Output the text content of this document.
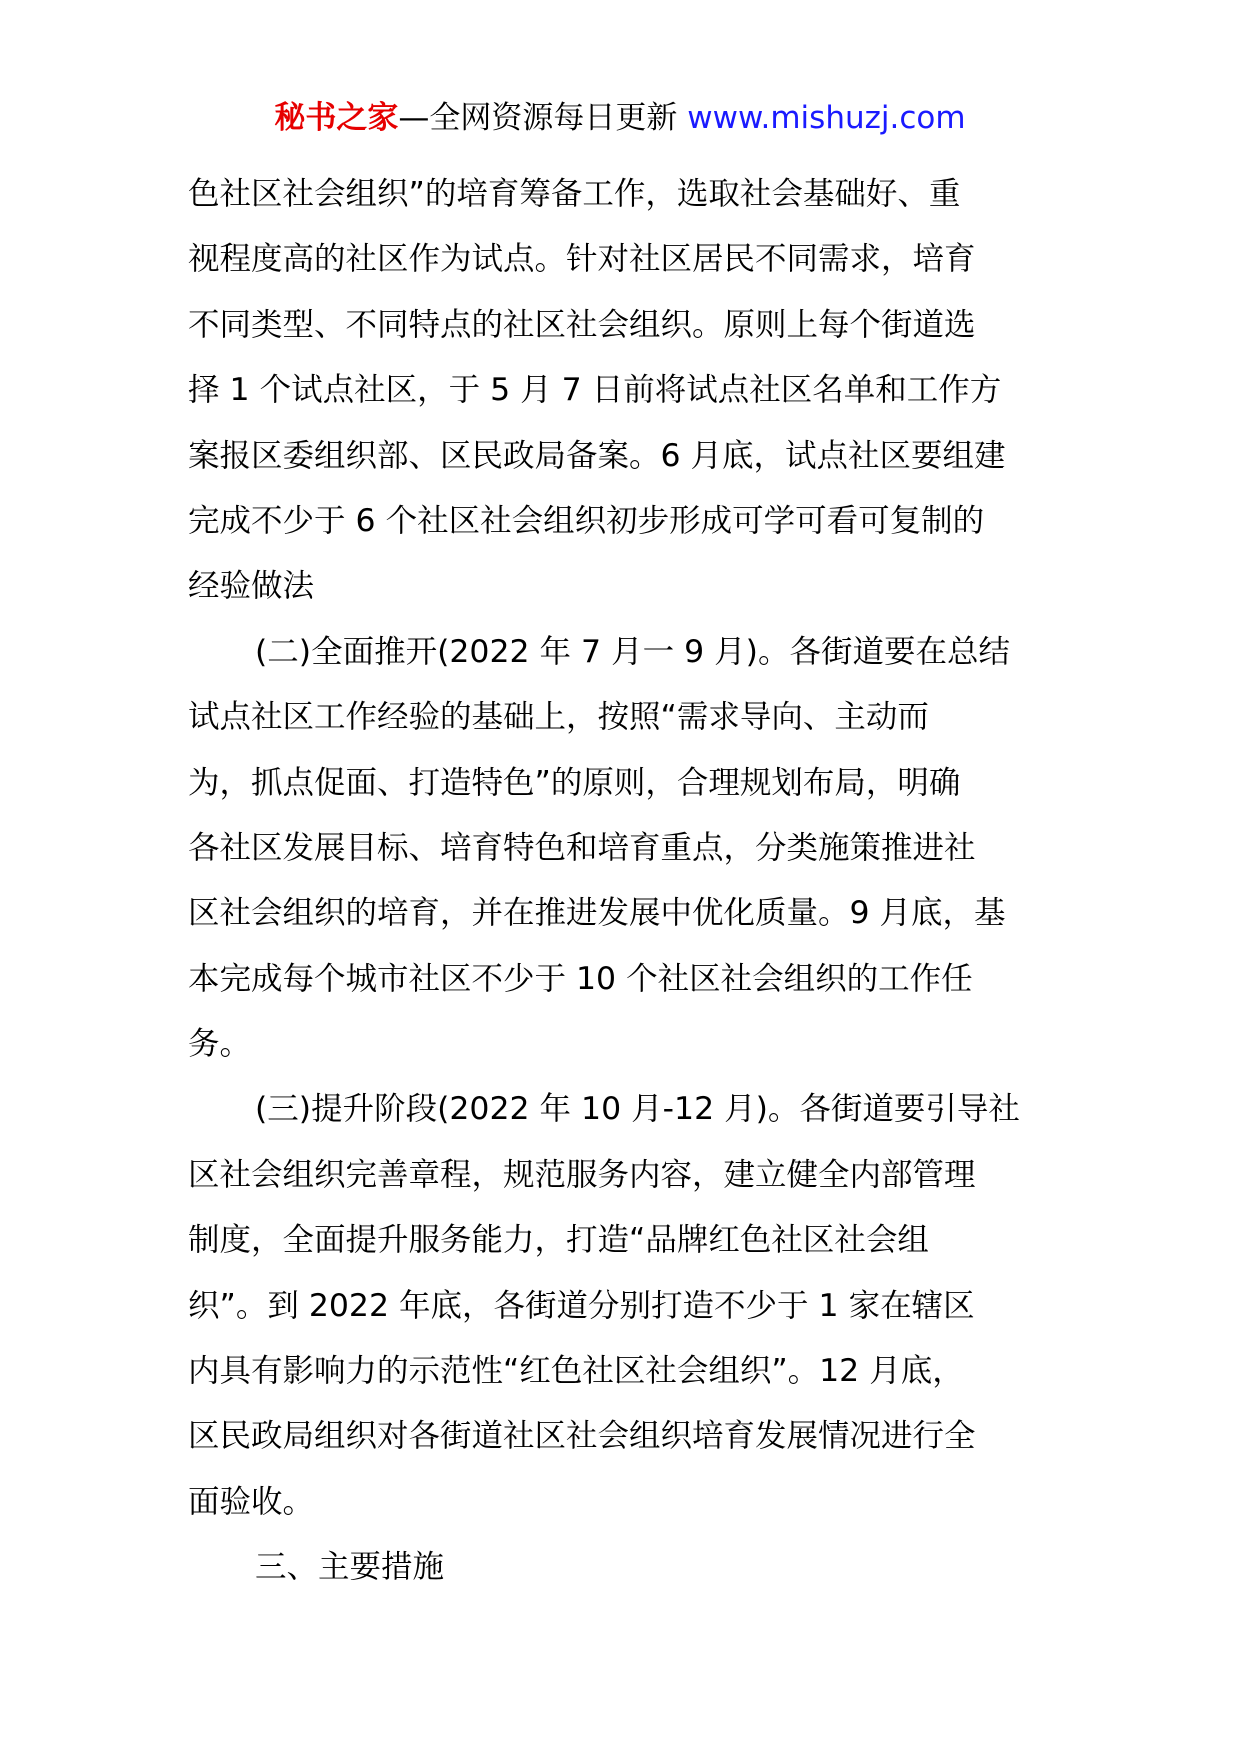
秘书之家—全网资源每日更新 www.mishuzj.com
色社区社会组织”的培育筹备工作，选取社会基础好、重
视程度高的社区作为试点。针对社区居民不同需求，培育
不同类型、不同特点的社区社会组织。原则上每个街道选
择 1 个试点社区，于 5 月 7 日前将试点社区名单和工作方
案报区委组织部、区民政局备案。6 月底，试点社区要组建
完成不少于 6 个社区社会组织初步形成可学可看可复制的
经验做法
(二)全面推开(2022 年 7 月一 9 月)。各街道要在总结
试点社区工作经验的基础上，按照“需求导向、主动而
为，抓点促面、打造特色”的原则，合理规划布局，明确
各社区发展目标、培育特色和培育重点，分类施策推进社
区社会组织的培育，并在推进发展中优化质量。9 月底，基
本完成每个城市社区不少于 10 个社区社会组织的工作任
务。
(三)提升阶段(2022 年 10 月-12 月)。各街道要引导社
区社会组织完善章程，规范服务内容，建立健全内部管理
制度，全面提升服务能力，打造“品牌红色社区社会组
织”。到 2022 年底，各街道分别打造不少于 1 家在辖区
内具有影响力的示范性“红色社区社会组织”。12 月底，
区民政局组织对各街道社区社会组织培育发展情况进行全
面验收。
三、主要措施
